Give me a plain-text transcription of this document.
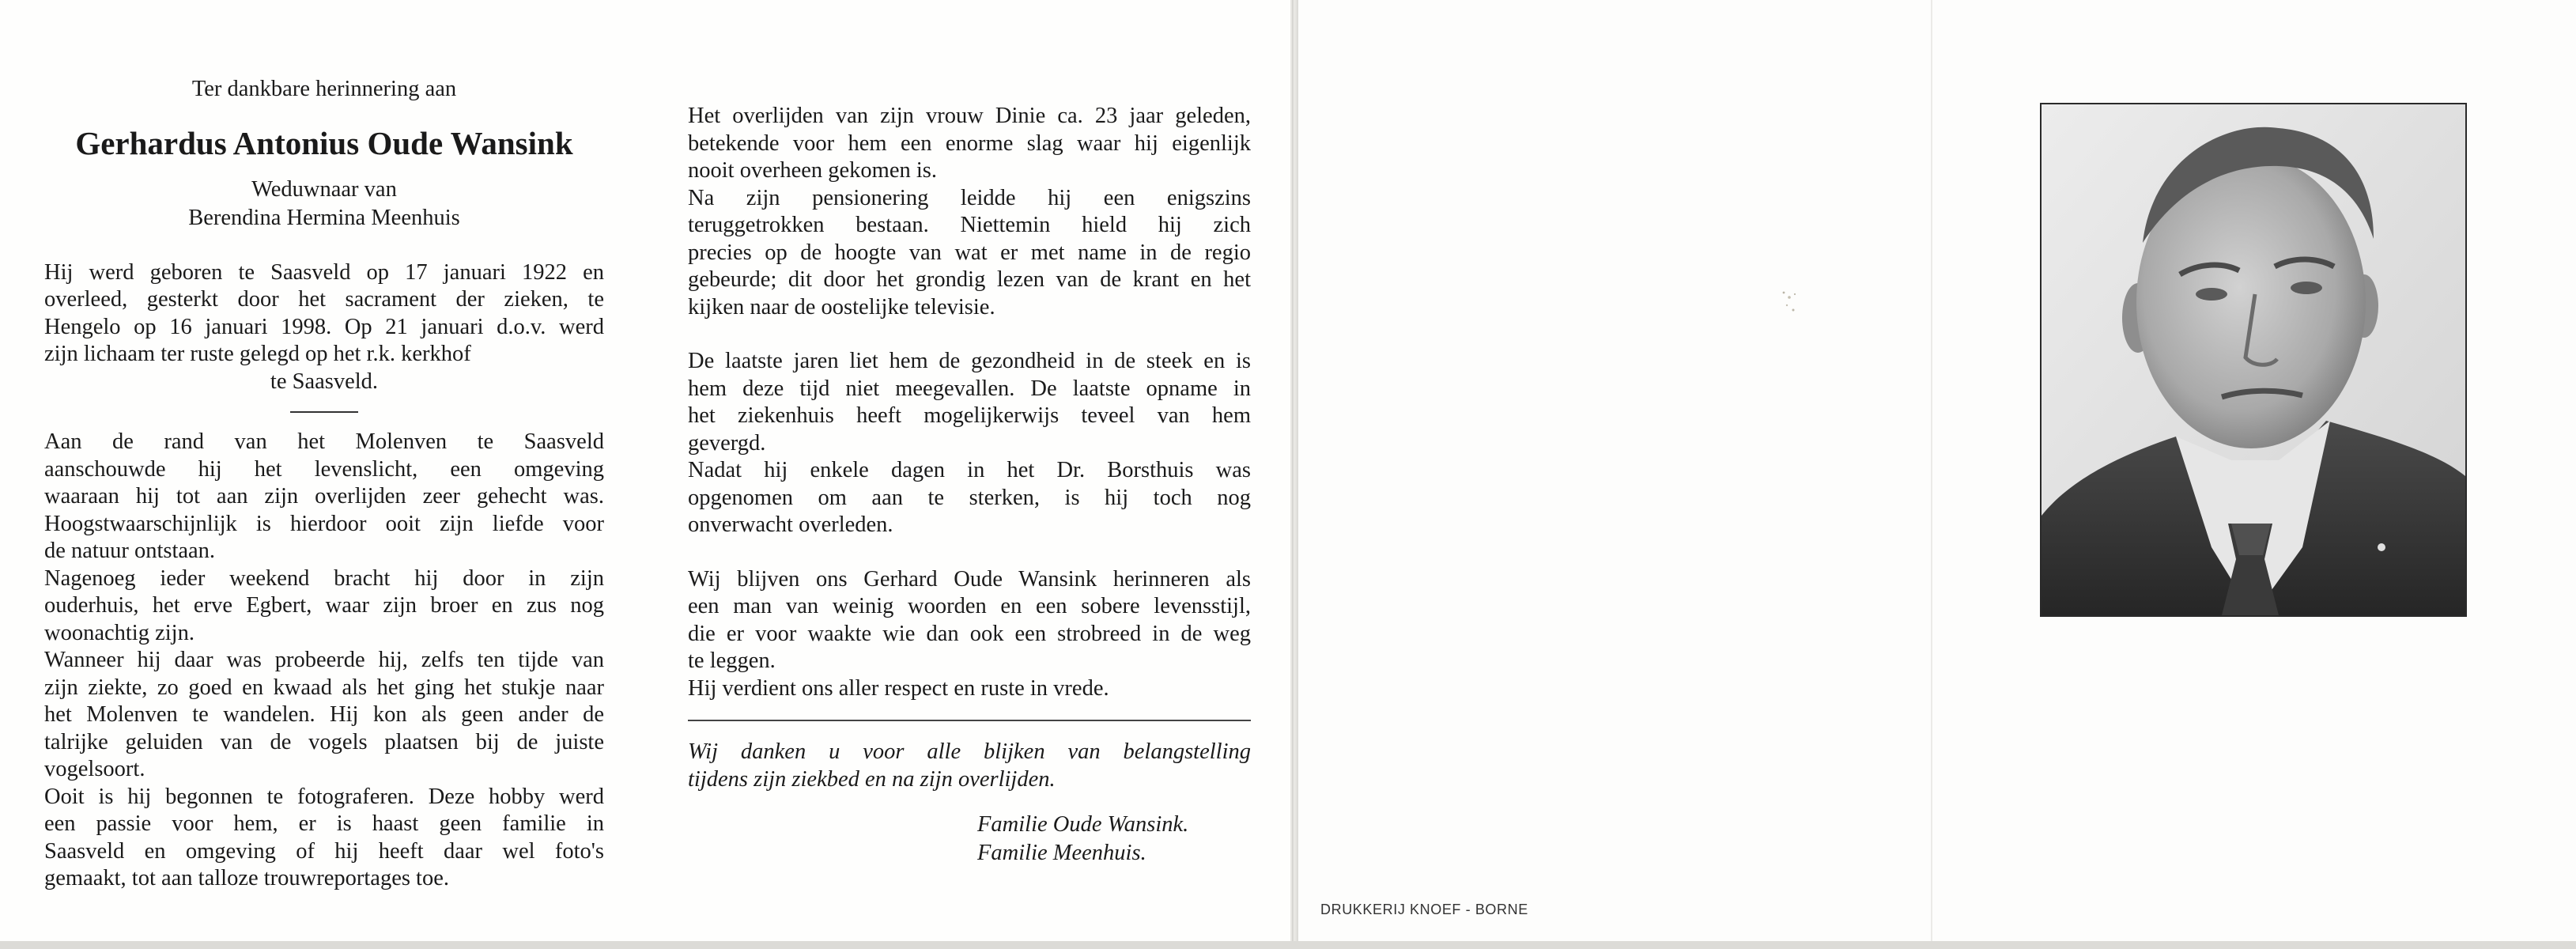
Ter dankbare herinnering aan

Gerhardus Antonius Oude Wansink

Weduwnaar van

Berendina Hermina Meenhuis

Hij werd geboren te Saasveld op 17 januari 1922 en
overleed, gesterkt door het sacrament der zieken, te
Hengelo op 16 januari 1998. Op 21 januari d.o.v. werd
zijn lichaam ter ruste gelegd op het r.k. kerkhof

te Saasveld.

Aan de rand van het Molenven te Saasveld
aanschouwde hij het levenslicht, een omgeving
waaraan hij tot aan zijn overlijden zeer gehecht was.
Hoogstwaarschijnlijk is hierdoor ooit zijn liefde voor
de natuur ontstaan.

Nagenoeg ieder weekend bracht hij door in zijn
ouderhuis, het erve Egbert, waar zijn broer en zus nog
woonachtig zijn.

Wanneer hij daar was probeerde hij, zelfs ten tijde van
zijn ziekte, zo goed en kwaad als het ging het stukje naar
het Molenven te wandelen. Hij kon als geen ander de
talrijke geluiden van de vogels plaatsen bij de juiste
vogelsoort.

Ooit is hij begonnen te fotograferen. Deze hobby werd
een passie voor hem, er is haast geen familie in
Saasveld en omgeving of hij heeft daar wel foto's
gemaakt, tot aan talloze trouwreportages toe.

Het overlijden van zijn vrouw Dinie ca. 23 jaar geleden,
betekende voor hem een enorme slag waar hij eigenlijk
nooit overheen gekomen is.

Na zijn pensionering leidde hij een enigszins
teruggetrokken bestaan. Niettemin hield hij zich
precies op de hoogte van wat er met name in de regio
gebeurde; dit door het grondig lezen van de krant en het
kijken naar de oostelijke televisie.

De laatste jaren liet hem de gezondheid in de steek en is
hem deze tijd niet meegevallen. De laatste opname in
het ziekenhuis heeft mogelijkerwijs teveel van hem
gevergd.

Nadat hij enkele dagen in het Dr. Borsthuis was
opgenomen om aan te sterken, is hij toch nog
onverwacht overleden.

Wij blijven ons Gerhard Oude Wansink herinneren als
een man van weinig woorden en een sobere levensstijl,
die er voor waakte wie dan ook een strobreed in de weg
te leggen.

Hij verdient ons aller respect en ruste in vrede.

Wij danken u voor alle blijken van belangstelling
tijdens zijn ziekbed en na zijn overlijden.

Familie Oude Wansink.
Familie Meenhuis.
DRUKKERIJ KNOEF - BORNE
